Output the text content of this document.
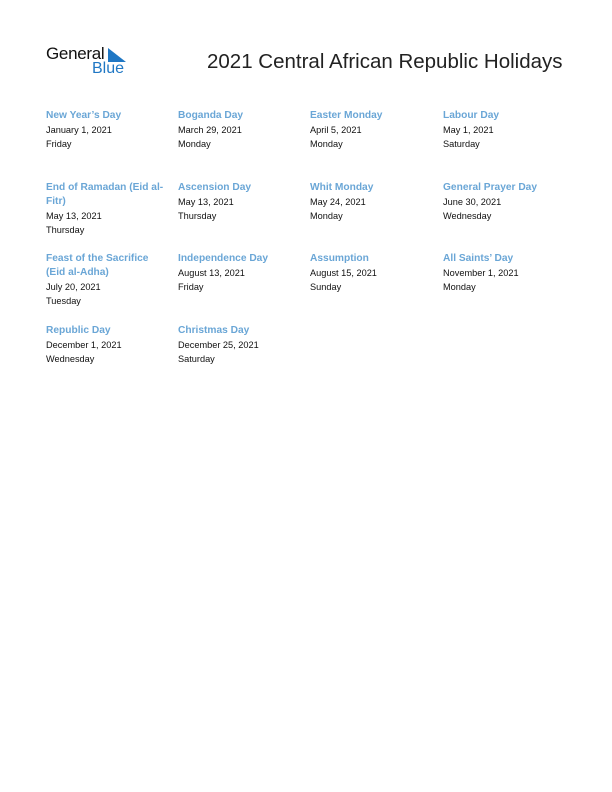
General
Blue	2021 Central African Republic Holidays
New Year’s Day
January 1, 2021
Friday
Boganda Day
March 29, 2021
Monday
Easter Monday
April 5, 2021
Monday
Labour Day
May 1, 2021
Saturday
End of Ramadan (Eid al-Fitr)
May 13, 2021
Thursday
Ascension Day
May 13, 2021
Thursday
Whit Monday
May 24, 2021
Monday
General Prayer Day
June 30, 2021
Wednesday
Feast of the Sacrifice (Eid al-Adha)
July 20, 2021
Tuesday
Independence Day
August 13, 2021
Friday
Assumption
August 15, 2021
Sunday
All Saints’ Day
November 1, 2021
Monday
Republic Day
December 1, 2021
Wednesday
Christmas Day
December 25, 2021
Saturday
